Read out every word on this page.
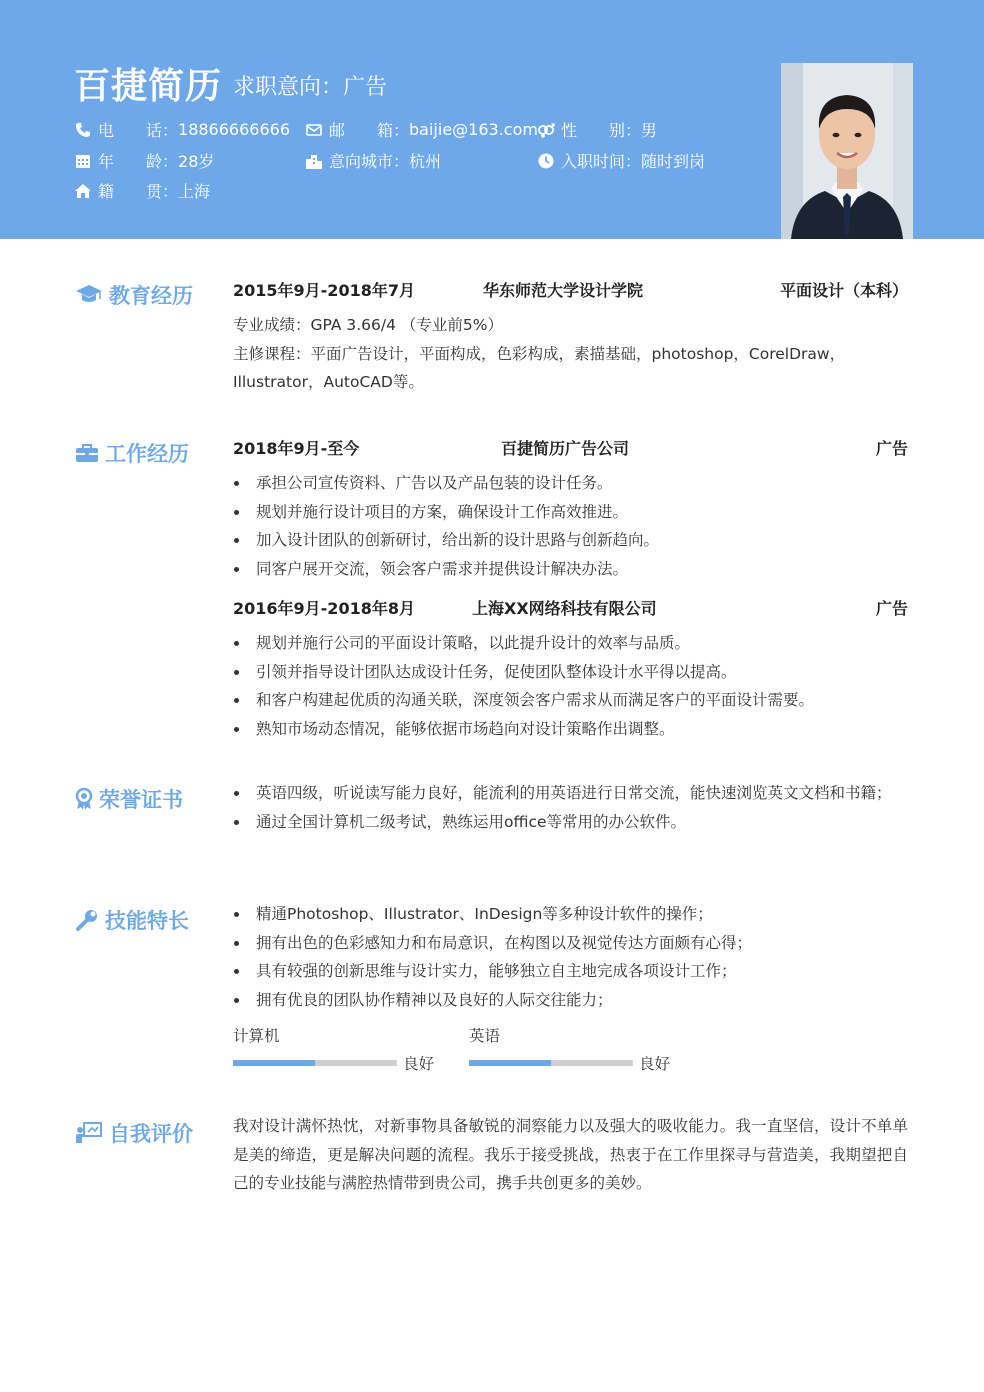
百捷简历 求职意向：广告
电　　话： 18866666666 邮　　箱： baijie@163.com 性　　别： 男
年　　龄： 28岁	意向城市： 杭州	入职时间： 随时到岗
籍　　贯： 上海
教育经历	2015年9月-2018年7月	华东师范大学设计学院	平面设计（本科）
专业成绩：GPA 3.66/4 （专业前5%）
主修课程：平面广告设计，平面构成，色彩构成，素描基础，photoshop，CorelDraw，Illustrator，AutoCAD等。
工作经历	2018年9月-至今	百捷简历广告公司	广告
承担公司宣传资料、广告以及产品包装的设计任务。
规划并施行设计项目的方案，确保设计工作高效推进。
加入设计团队的创新研讨，给出新的设计思路与创新趋向。
同客户展开交流，领会客户需求并提供设计解决办法。
2016年9月-2018年8月	上海XX网络科技有限公司	广告
规划并施行公司的平面设计策略，以此提升设计的效率与品质。
引领并指导设计团队达成设计任务，促使团队整体设计水平得以提高。
和客户构建起优质的沟通关联，深度领会客户需求从而满足客户的平面设计需要。
熟知市场动态情况，能够依据市场趋向对设计策略作出调整。
荣誉证书	英语四级，听说读写能力良好，能流利的用英语进行日常交流，能快速浏览英文文档和书籍；
通过全国计算机二级考试，熟练运用office等常用的办公软件。
技能特长	精通Photoshop、Illustrator、InDesign等多种设计软件的操作；
拥有出色的色彩感知力和布局意识，在构图以及视觉传达方面颇有心得；
具有较强的创新思维与设计实力，能够独立自主地完成各项设计工作；
拥有优良的团队协作精神以及良好的人际交往能力；
计算机
良好
英语
良好
自我评价	我对设计满怀热忱，对新事物具备敏锐的洞察能力以及强大的吸收能力。我一直坚信，设计不单单是美的缔造，更是解决问题的流程。我乐于接受挑战，热衷于在工作里探寻与营造美，我期望把自己的专业技能与满腔热情带到贵公司，携手共创更多的美妙。
